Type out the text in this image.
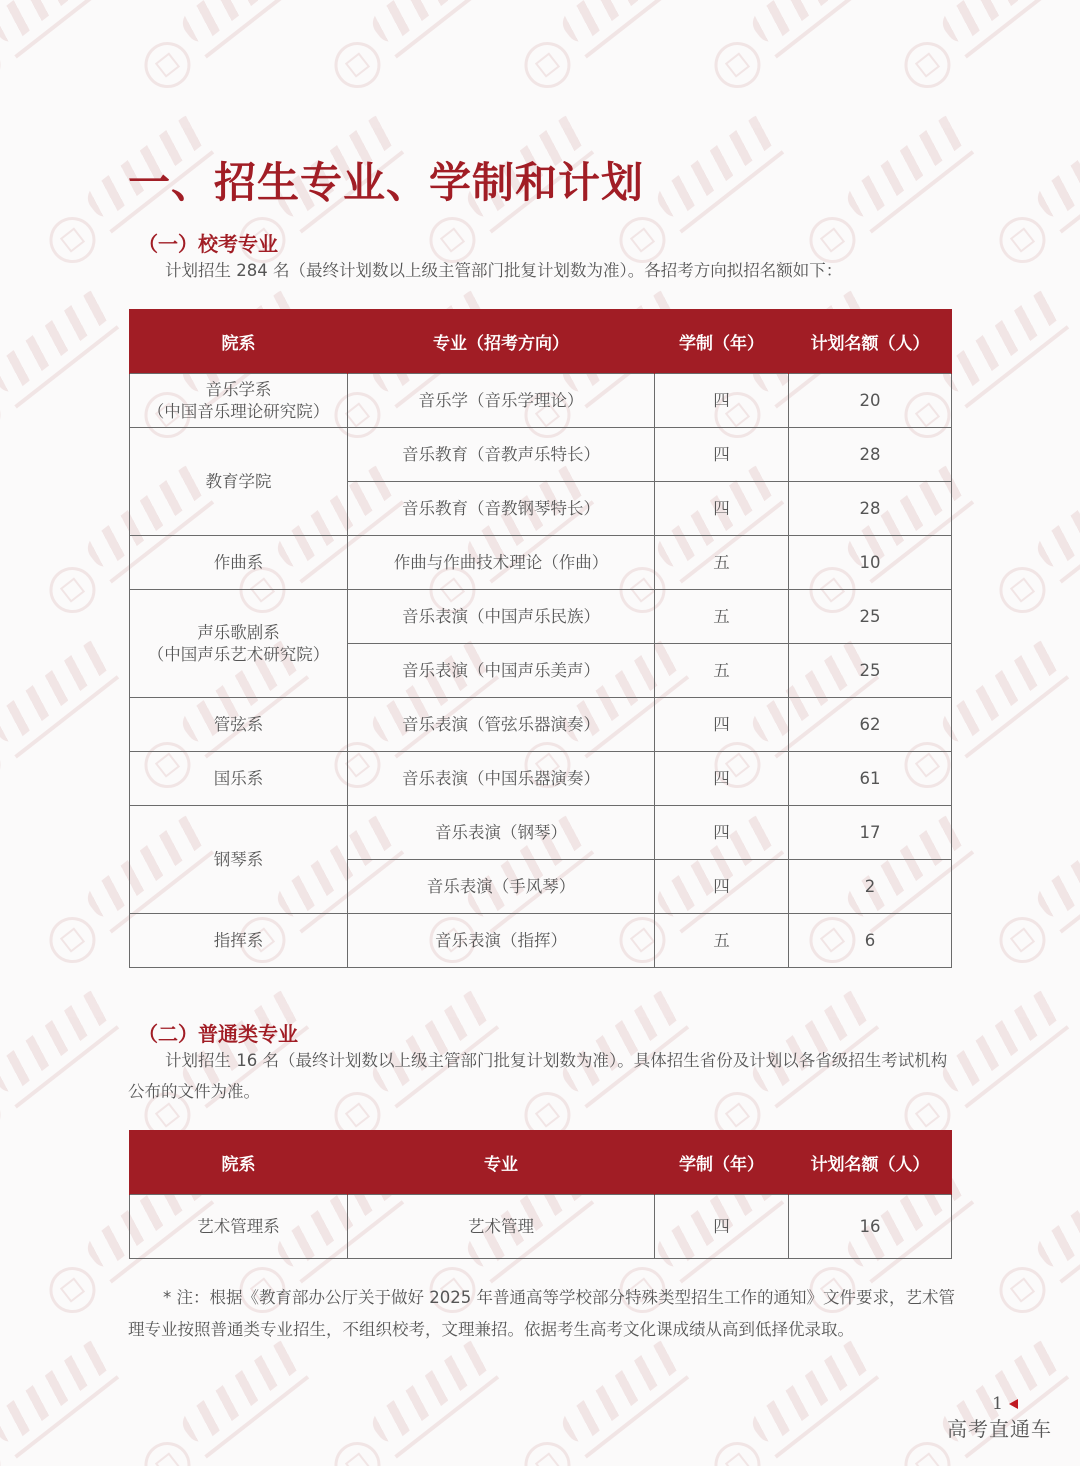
一、招生专业、学制和计划
（一）校考专业

计划招生 284 名（最终计划数以上级主管部门批复计划数为准）。各招考方向拟招名额如下：

院系	专业（招考方向）	学制（年）	计划名额（人）

音乐学系
（中国音乐理论研究院）	音乐学（音乐学理论）	四	20
教育学院	音乐教育（音教声乐特长）	四	28
	音乐教育（音教钢琴特长）	四	28
作曲系	作曲与作曲技术理论（作曲）	五	10

声乐歌剧系
（中国声乐艺术研究院）	音乐表演（中国声乐民族）	五	25
	音乐表演（中国声乐美声）	五	25
管弦系	音乐表演（管弦乐器演奏）	四	62
国乐系	音乐表演（中国乐器演奏）	四	61
钢琴系	音乐表演（钢琴）	四	17
	音乐表演（手风琴）	四	2
指挥系	音乐表演（指挥）	五	6
（二）普通类专业

计划招生 16 名（最终计划数以上级主管部门批复计划数为准）。具体招生省份及计划以各省级招生考试机构公布的文件为准。

院系	专业	学制（年）	计划名额（人）
艺术管理系	艺术管理	四	16

* 注：根据《教育部办公厅关于做好 2025 年普通高等学校部分特殊类型招生工作的通知》文件要求，艺术管理专业按照普通类专业招生，不组织校考，文理兼招。依据考生高考文化课成绩从高到低择优录取。

1
高考直通车
